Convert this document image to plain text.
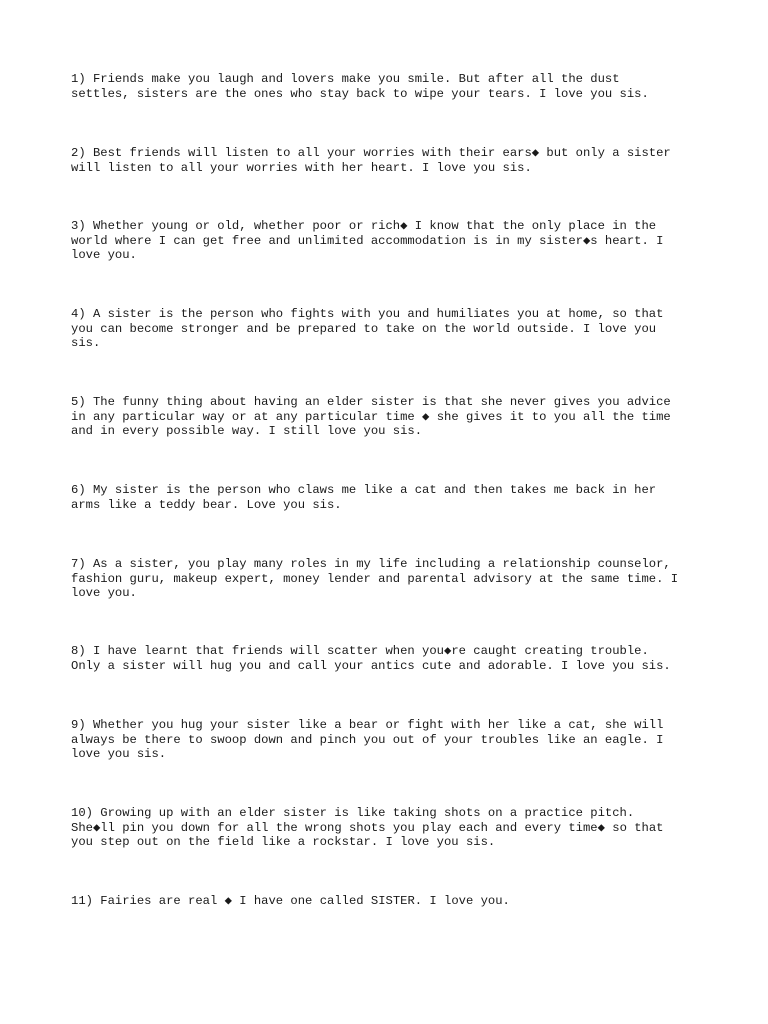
1) Friends make you laugh and lovers make you smile. But after all the dust
settles, sisters are the ones who stay back to wipe your tears. I love you sis.

2) Best friends will listen to all your worries with their ears◆ but only a sister
will listen to all your worries with her heart. I love you sis.

3) Whether young or old, whether poor or rich◆ I know that the only place in the
world where I can get free and unlimited accommodation is in my sister◆s heart. I
love you.

4) A sister is the person who fights with you and humiliates you at home, so that
you can become stronger and be prepared to take on the world outside. I love you
sis.

5) The funny thing about having an elder sister is that she never gives you advice
in any particular way or at any particular time ◆ she gives it to you all the time
and in every possible way. I still love you sis.

6) My sister is the person who claws me like a cat and then takes me back in her
arms like a teddy bear. Love you sis.

7) As a sister, you play many roles in my life including a relationship counselor,
fashion guru, makeup expert, money lender and parental advisory at the same time. I
love you.

8) I have learnt that friends will scatter when you◆re caught creating trouble.
Only a sister will hug you and call your antics cute and adorable. I love you sis.

9) Whether you hug your sister like a bear or fight with her like a cat, she will
always be there to swoop down and pinch you out of your troubles like an eagle. I
love you sis.

10) Growing up with an elder sister is like taking shots on a practice pitch.
She◆ll pin you down for all the wrong shots you play each and every time◆ so that
you step out on the field like a rockstar. I love you sis.

11) Fairies are real ◆ I have one called SISTER. I love you.
